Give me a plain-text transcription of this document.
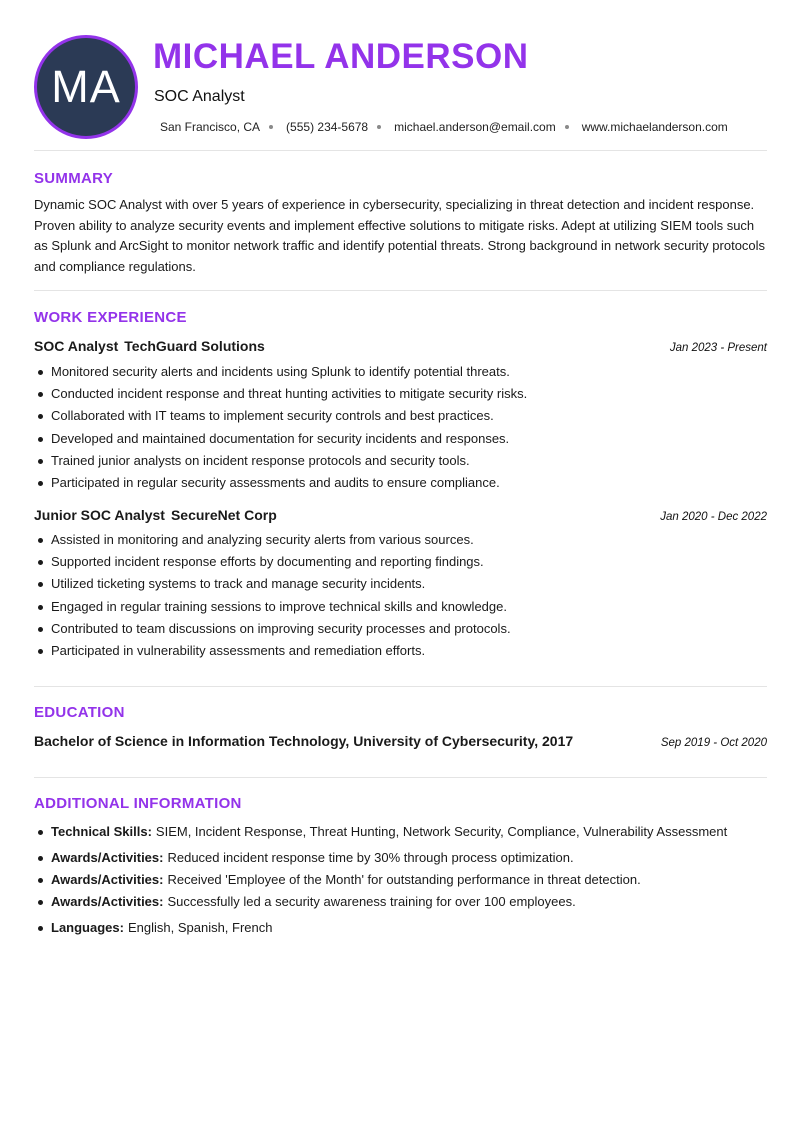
MA
MICHAEL ANDERSON
SOC Analyst
San Francisco, CA (555) 234-5678 michael.anderson@email.com www.michaelanderson.com
SUMMARY

Dynamic SOC Analyst with over 5 years of experience in cybersecurity, specializing in threat detection and incident response. Proven ability to analyze security events and implement effective solutions to mitigate risks. Adept at utilizing SIEM tools such as Splunk and ArcSight to monitor network traffic and identify potential threats. Strong background in network security protocols and compliance regulations.

WORK EXPERIENCE
SOC Analyst TechGuard Solutions	Jan 2023 - Present
Monitored security alerts and incidents using Splunk to identify potential threats.
Conducted incident response and threat hunting activities to mitigate security risks.
Collaborated with IT teams to implement security controls and best practices.
Developed and maintained documentation for security incidents and responses.
Trained junior analysts on incident response protocols and security tools.
Participated in regular security assessments and audits to ensure compliance.
Junior SOC Analyst SecureNet Corp	Jan 2020 - Dec 2022
Assisted in monitoring and analyzing security alerts from various sources.
Supported incident response efforts by documenting and reporting findings.
Utilized ticketing systems to track and manage security incidents.
Engaged in regular training sessions to improve technical skills and knowledge.
Contributed to team discussions on improving security processes and protocols.
Participated in vulnerability assessments and remediation efforts.
EDUCATION
Bachelor of Science in Information Technology, University of Cybersecurity, 2017	Sep 2019 - Oct 2020
ADDITIONAL INFORMATION
Technical Skills: SIEM, Incident Response, Threat Hunting, Network Security, Compliance, Vulnerability Assessment
Awards/Activities: Reduced incident response time by 30% through process optimization.
Awards/Activities: Received 'Employee of the Month' for outstanding performance in threat detection.
Awards/Activities: Successfully led a security awareness training for over 100 employees.
Languages: English, Spanish, French
